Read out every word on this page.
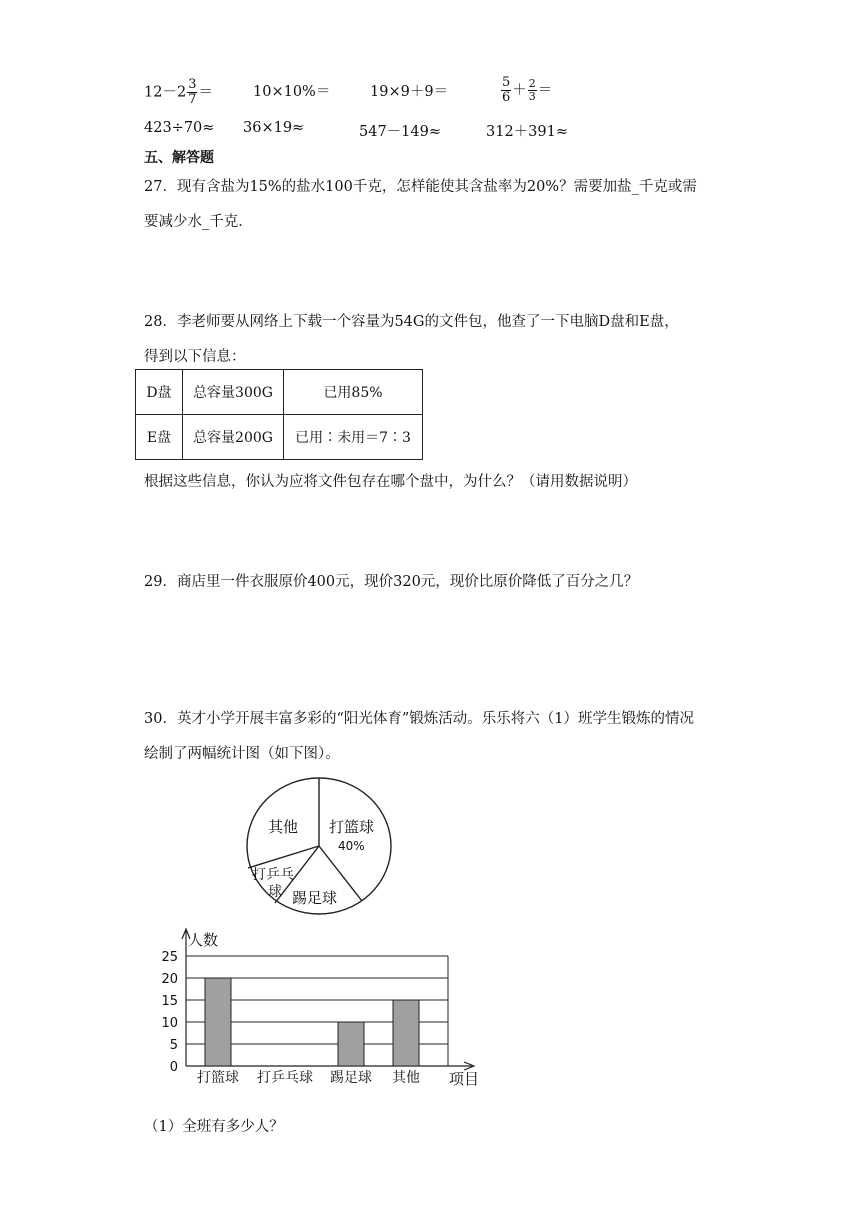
$12-2 \frac{3}{7}$ ＝	10×10%＝	19×9＋9＝	$\frac{5}{6} + \frac{2}{3}$ ＝
423÷70≈ 36×19≈	547－149≈	312＋391≈
五、解答题
27．现有含盐为15%的盐水100千克，怎样能使其含盐率为20%？需要加盐_千克或需
要减少水_千克．
28．李老师要从网络上下载一个容量为54G的文件包，他查了一下电脑D盘和E盘，
得到以下信息：
D盘	总容量300G	已用85%
E盘	总容量200G	已用∶未用＝7∶3
根据这些信息，你认为应将文件包存在哪个盘中，为什么？（请用数据说明）
29．商店里一件衣服原价400元，现价320元，现价比原价降低了百分之几？
30．英才小学开展丰富多彩的“阳光体育”锻炼活动。乐乐将六（1）班学生锻炼的情况
绘制了两幅统计图（如下图）。
其他 打篮球
40%
打乒乓
球 踢足球
人数
项目
25
20
15
10
5
0
打篮球 打乒乓球 踢足球 其他
（1）全班有多少人？
